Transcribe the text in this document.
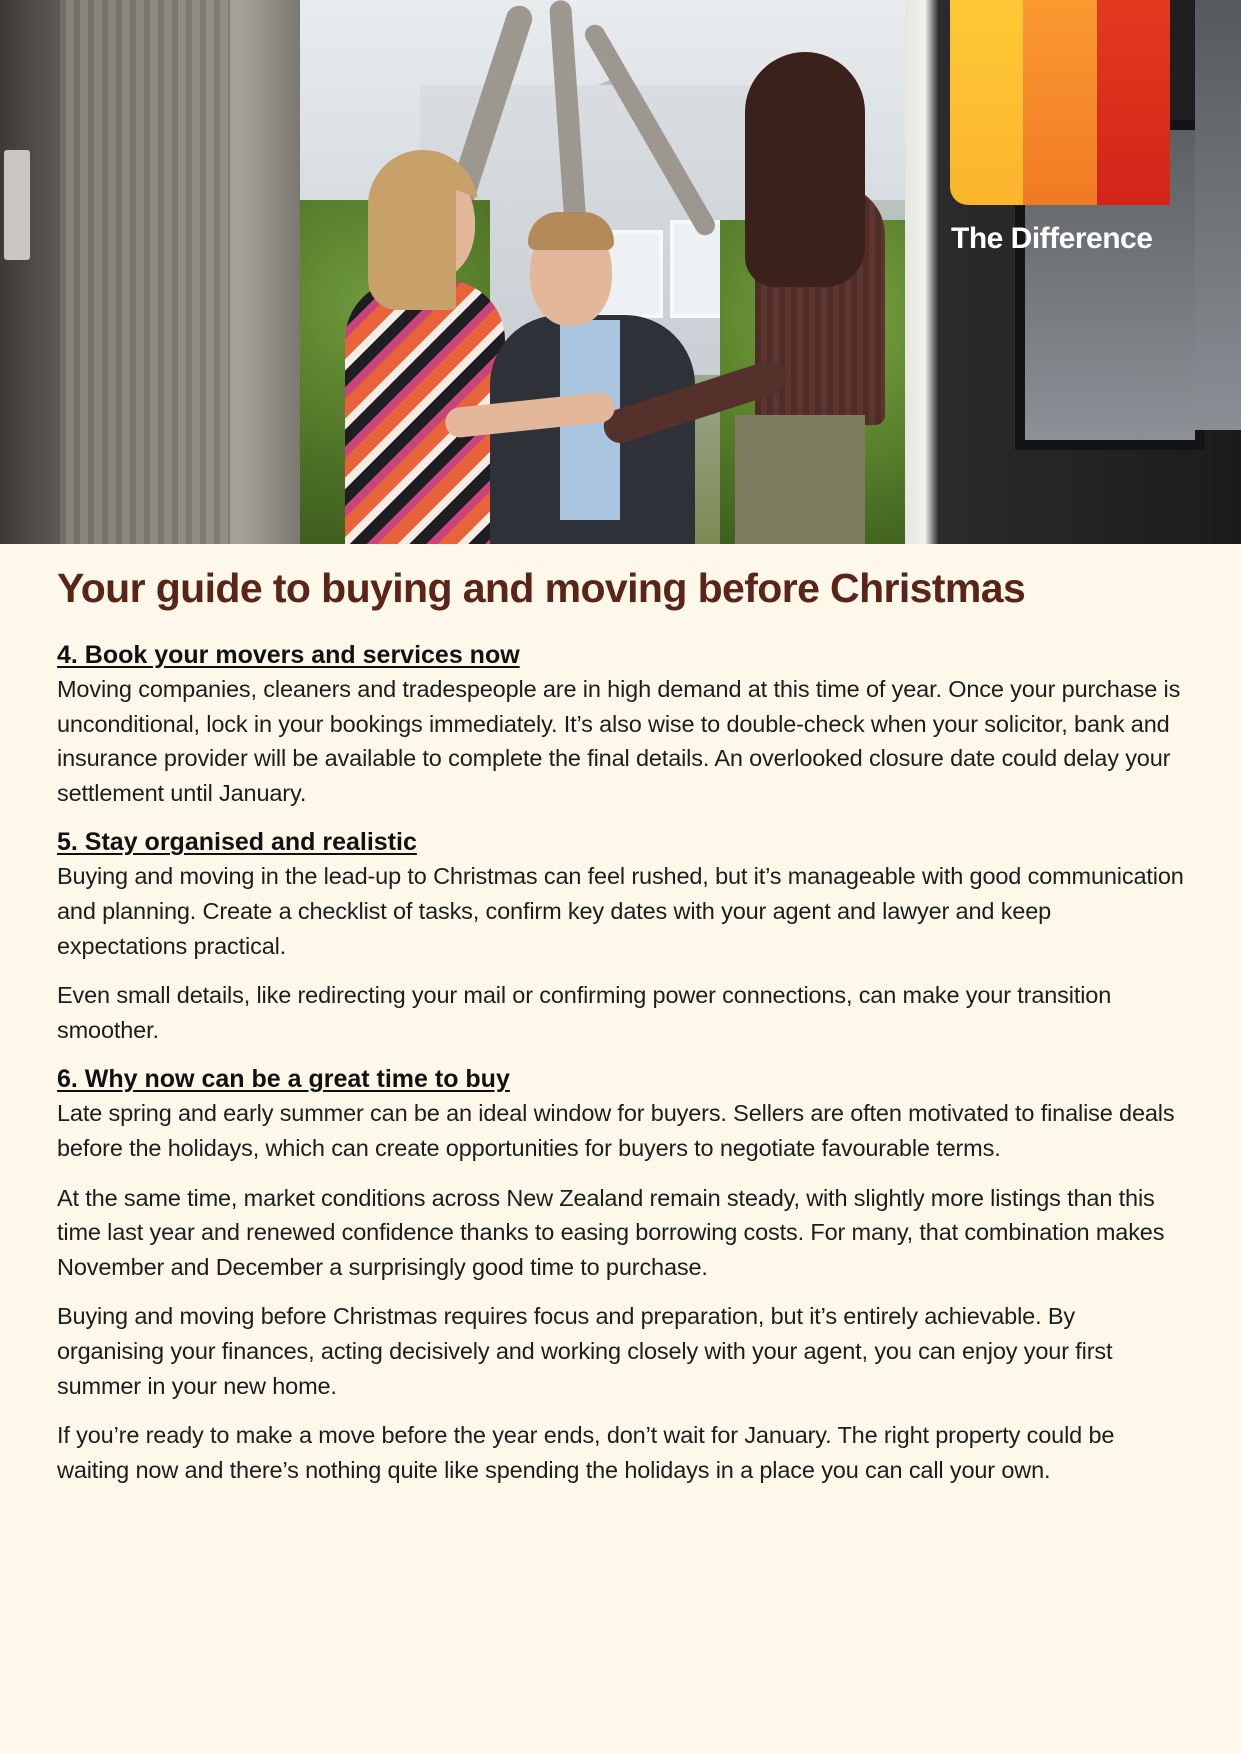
The Difference
Your guide to buying and moving before Christmas
4. Book your movers and services now

Moving companies, cleaners and tradespeople are in high demand at this time of year. Once your purchase is unconditional, lock in your bookings immediately. It’s also wise to double-check when your solicitor, bank and insurance provider will be available to complete the final details. An overlooked closure date could delay your settlement until January.

5. Stay organised and realistic

Buying and moving in the lead-up to Christmas can feel rushed, but it’s manageable with good communication and planning. Create a checklist of tasks, confirm key dates with your agent and lawyer and keep expectations practical.

Even small details, like redirecting your mail or confirming power connections, can make your transition smoother.

6. Why now can be a great time to buy

Late spring and early summer can be an ideal window for buyers. Sellers are often motivated to finalise deals before the holidays, which can create opportunities for buyers to negotiate favourable terms.

At the same time, market conditions across New Zealand remain steady, with slightly more listings than this time last year and renewed confidence thanks to easing borrowing costs. For many, that combination makes November and December a surprisingly good time to purchase.

Buying and moving before Christmas requires focus and preparation, but it’s entirely achievable. By organising your finances, acting decisively and working closely with your agent, you can enjoy your first summer in your new home.

If you’re ready to make a move before the year ends, don’t wait for January. The right property could be waiting now and there’s nothing quite like spending the holidays in a place you can call your own.
